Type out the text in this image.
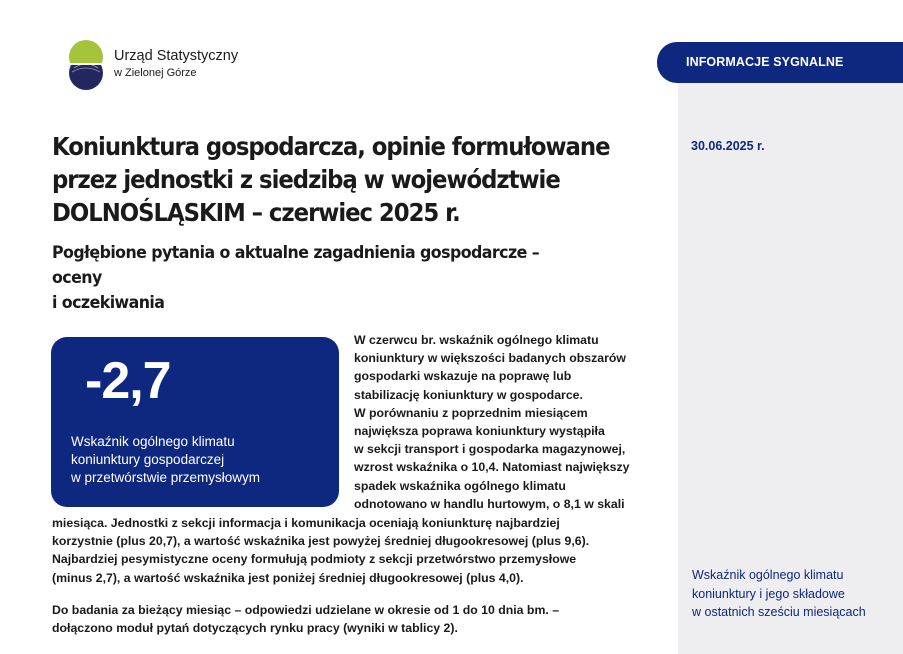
INFORMACJE SYGNALNE
30.06.2025 r.
Wskaźnik ogólnego klimatu
koniunktury i jego składowe
w ostatnich sześciu miesiącach
Urząd Statystyczny
w Zielonej Górze
Koniunktura gospodarcza, opinie formułowane
przez jednostki z siedzibą w województwie
DOLNOŚLĄSKIM – czerwiec 2025 r.
Pogłębione pytania o aktualne zagadnienia gospodarcze – oceny
i oczekiwania
-2,7
Wskaźnik ogólnego klimatu
koniunktury gospodarczej
w przetwórstwie przemysłowym
W czerwcu br. wskaźnik ogólnego klimatu
koniunktury w większości badanych obszarów
gospodarki wskazuje na poprawę lub
stabilizację koniunktury w gospodarce.
W porównaniu z poprzednim miesiącem
największa poprawa koniunktury wystąpiła
w sekcji transport i gospodarka magazynowej,
wzrost wskaźnika o 10,4. Natomiast największy
spadek wskaźnika ogólnego klimatu
odnotowano w handlu hurtowym, o 8,1 w skali
miesiąca. Jednostki z sekcji informacja i komunikacja oceniają koniunkturę najbardziej
korzystnie (plus 20,7), a wartość wskaźnika jest powyżej średniej długookresowej (plus 9,6).
Najbardziej pesymistyczne oceny formułują podmioty z sekcji przetwórstwo przemysłowe
(minus 2,7), a wartość wskaźnika jest poniżej średniej długookresowej (plus 4,0).
Do badania za bieżący miesiąc – odpowiedzi udzielane w okresie od 1 do 10 dnia bm. –
dołączono moduł pytań dotyczących rynku pracy (wyniki w tablicy 2).
